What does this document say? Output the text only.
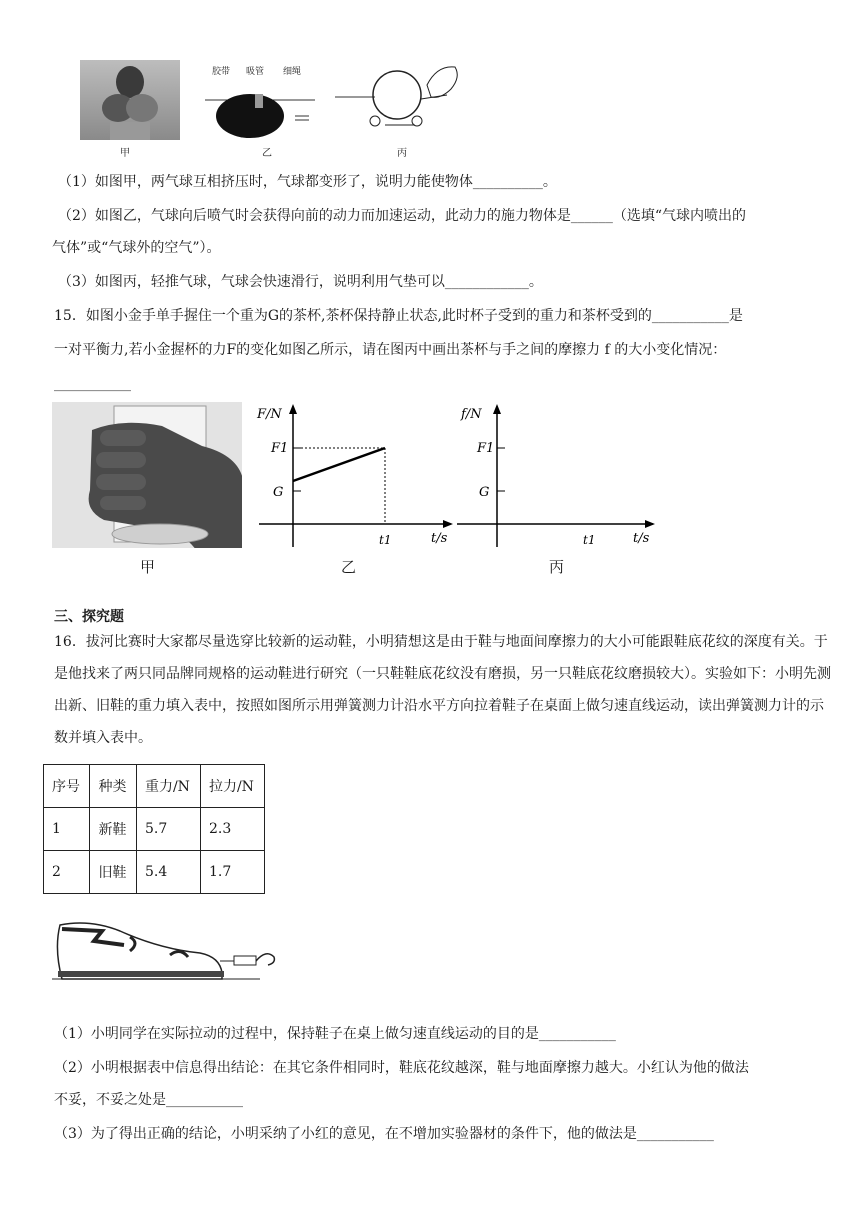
甲
胶带 吸管 细绳
乙	丙
（1）如图甲，两气球互相挤压时，气球都变形了，说明力能使物体__________。
（2）如图乙，气球向后喷气时会获得向前的动力而加速运动，此动力的施力物体是______（选填“气球内喷出的
气体”或“气球外的空气”）。
（3）如图丙，轻推气球，气球会快速滑行，说明利用气垫可以____________。
15．如图小金手单手握住一个重为G的茶杯,茶杯保持静止状态,此时杯子受到的重力和茶杯受到的___________是
一对平衡力,若小金握杯的力F的变化如图乙所示，请在图丙中画出茶杯与手之间的摩擦力 f 的大小变化情况：
___________
甲
F/N
t/s
F1
G
t1
乙
f/N
t/s
F1
G
t1
丙
三、探究题
16．拔河比赛时大家都尽量选穿比较新的运动鞋，小明猜想这是由于鞋与地面间摩擦力的大小可能跟鞋底花纹的深度有关。于是他找来了两只同品牌同规格的运动鞋进行研究（一只鞋鞋底花纹没有磨损，另一只鞋底花纹磨损较大）。实验如下：小明先测出新、旧鞋的重力填入表中，按照如图所示用弹簧测力计沿水平方向拉着鞋子在桌面上做匀速直线运动，读出弹簧测力计的示数并填入表中。
序号	种类	重力/N	拉力/N
1	新鞋	5.7	2.3
2	旧鞋	5.4	1.7
（1）小明同学在实际拉动的过程中，保持鞋子在桌上做匀速直线运动的目的是___________
（2）小明根据表中信息得出结论：在其它条件相同时，鞋底花纹越深，鞋与地面摩擦力越大。小红认为他的做法
不妥，不妥之处是___________
（3）为了得出正确的结论，小明采纳了小红的意见，在不增加实验器材的条件下，他的做法是___________
